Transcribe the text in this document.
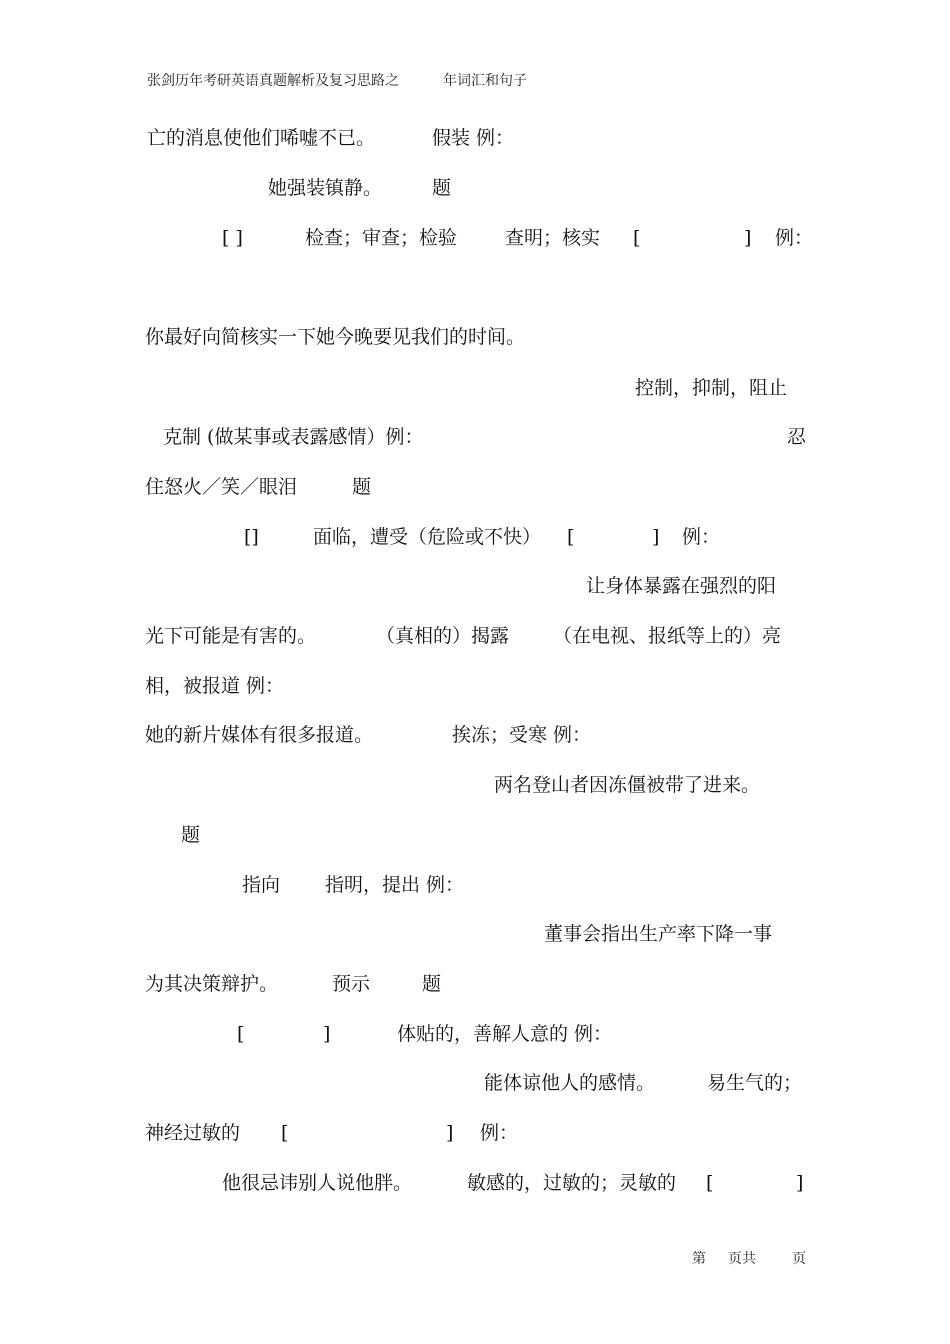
张剑历年考研英语真题解析及复习思路之	年词汇和句子
亡的消息使他们唏嘘不已。	假装 例：
她强装镇静。	题
[ ]	检查；审查；检验	查明；核实 [	] 例：
你最好向简核实一下她今晚要见我们的时间。
控制，抑制，阻止
克制 (做某事或表露感情）例：	忍
住怒火／笑／眼泪	题
[]	面临，遭受（危险或不快） [	] 例：
让身体暴露在强烈的阳
光下可能是有害的。	（真相的）揭露 （在电视、报纸等上的）亮
相，被报道 例：
她的新片媒体有很多报道。	挨冻；受寒 例：
两名登山者因冻僵被带了进来。
题
指向 指明，提出 例：
董事会指出生产率下降一事
为其决策辩护。	预示	题
[	]	体贴的，善解人意的 例：
能体谅他人的感情。	易生气的；
神经过敏的 [	] 例：
他很忌讳别人说他胖。	敏感的，过敏的；灵敏的 [	]
第 页共	页
